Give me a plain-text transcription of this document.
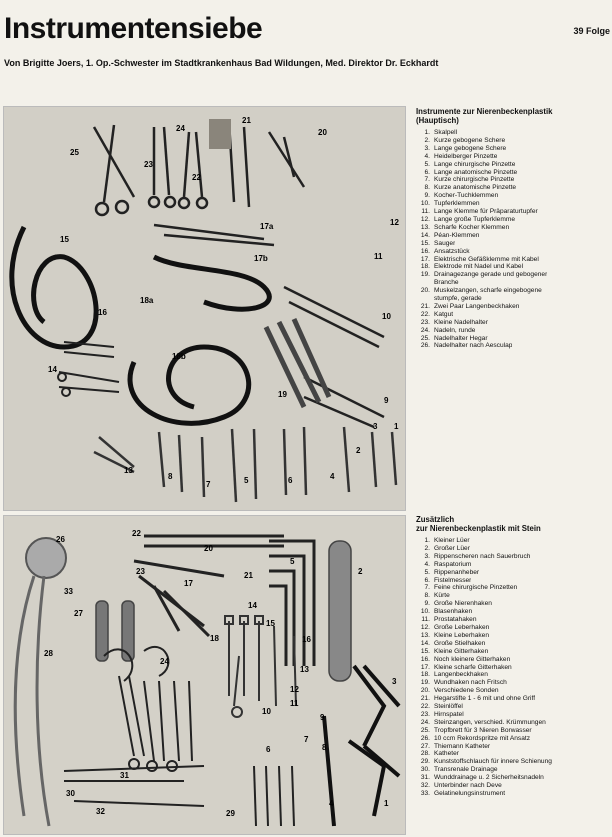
Instrumentensiebe	39 Folge
Von Brigitte Joers, 1. Op.-Schwester im Stadtkrankenhaus Bad Wildungen, Med. Direktor Dr. Eckhardt
24
21
20
25
23
22
17a	12
15
17b	11
16
18a
10
18b
14
19
9
3 1
13
8
7	5	6	4
2
Instrumente zur Nierenbeckenplastik
(Hauptisch)
1. Skalpell
2. Kurze gebogene Schere
3. Lange gebogene Schere
4. Heidelberger Pinzette
5. Lange chirurgische Pinzette
6. Lange anatomische Pinzette
7. Kurze chirurgische Pinzette
8. Kurze anatomische Pinzette
9. Kocher-Tuchklemmen
10. Tupferklemmen
11. Lange Klemme für Präparaturtupfer
12. Lange große Tupferklemme
13. Scharfe Kocher Klemmen
14. Péan-Klemmen
15. Sauger
16. Ansatzstück
17. Elektrische Gefäßklemme mit Kabel
18. Elektrode mit Nadel und Kabel
19. Drainagezange gerade und gebogener
Branche
20. Muskelzangen, scharfe eingebogene
stumpfe, gerade
21. Zwei Paar Langenbeckhaken
22. Katgut
23. Kleine Nadelhalter
24. Nadeln, runde
25. Nadelhalter Hegar
26. Nadelhalter nach Aesculap
26
22
27
28
33
20
21
23
17
18
5
24
15
14
16
13
12
11
10
2
3
1
4
7
6
31
9
8
30
32	29
Zusätzlich
zur Nierenbeckenplastik mit Stein
1. Kleiner Lüer
2. Großer Lüer
3. Rippenscheren nach Sauerbruch
4. Raspatorium
5. Rippenanheber
6. Fistelmesser
7. Feine chirurgische Pinzetten
8. Kürte
9. Große Nierenhaken
10. Blasenhaken
11. Prostatahaken
12. Große Leberhaken
13. Kleine Leberhaken
14. Große Stielhaken
15. Kleine Gitterhaken
16. Noch kleinere Gitterhaken
17. Kleine scharfe Gitterhaken
18. Langenbeckhaken
19. Wundhaken nach Fritsch
20. Verschiedene Sonden
21. Hegarstifte 1 - 6 mit und ohne Griff
22. Steinlöffel
23. Hirnspatel
24. Steinzangen, verschied. Krümmungen
25. Tropfbrett für 3 Nieren Borwasser
26. 10 ccm Rekordspritze mit Ansatz
27. Thiemann Katheter
28. Katheter
29. Kunststoffschlauch für innere Schienung
30. Transrenale Drainage
31. Wunddrainage u. 2 Sicherheitsnadeln
32. Unterbinder nach Deve
33. Gelatinelungsinstrument
